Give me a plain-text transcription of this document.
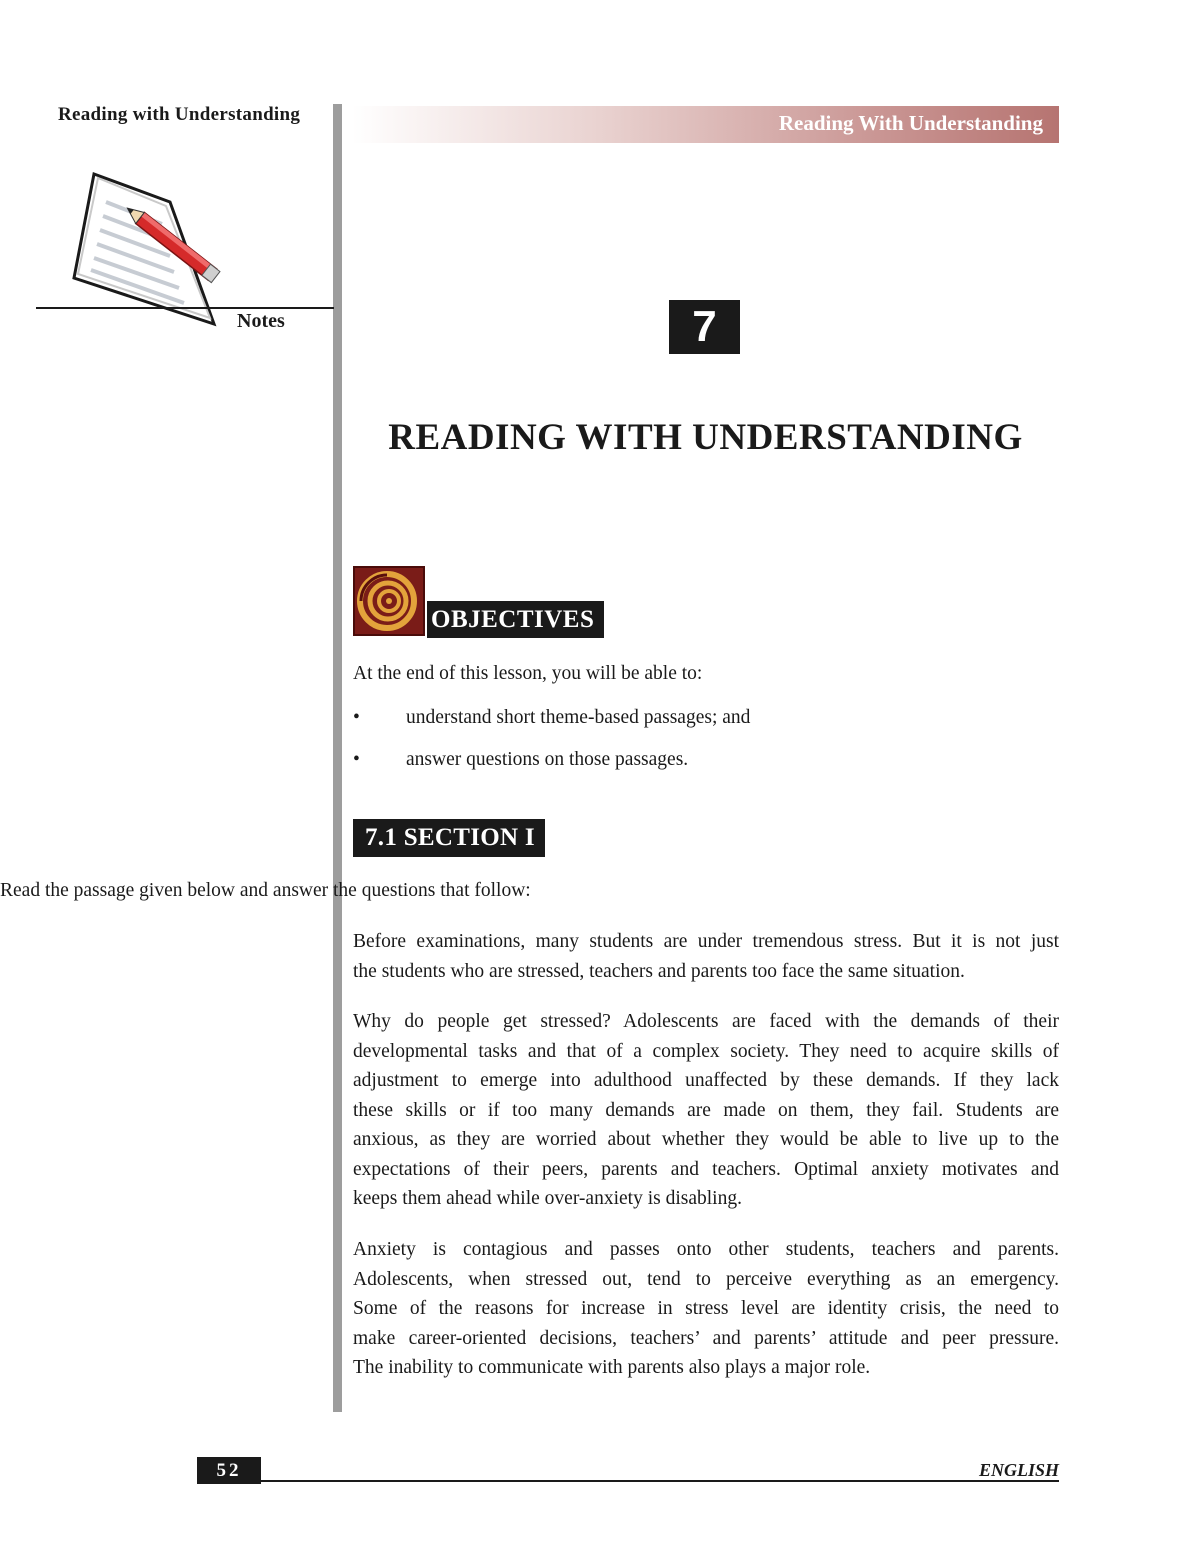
Reading with Understanding	Reading With Understanding
Notes	7
READING WITH UNDERSTANDING
OBJECTIVES
At the end of this lesson, you will be able to:
• understand short theme-based passages; and
• answer questions on those passages.
7.1 SECTION I
Read the passage given below and answer the questions that follow:
Before examinations, many students are under tremendous stress. But it is not just
the students who are stressed, teachers and parents too face the same situation.
Why do people get stressed? Adolescents are faced with the demands of their
developmental tasks and that of a complex society. They need to acquire skills of
adjustment to emerge into adulthood unaffected by these demands. If they lack
these skills or if too many demands are made on them, they fail. Students are
anxious, as they are worried about whether they would be able to live up to the
expectations of their peers, parents and teachers. Optimal anxiety motivates and
keeps them ahead while over-anxiety is disabling.
Anxiety is contagious and passes onto other students, teachers and parents.
Adolescents, when stressed out, tend to perceive everything as an emergency.
Some of the reasons for increase in stress level are identity crisis, the need to
make career-oriented decisions, teachers’ and parents’ attitude and peer pressure.
The inability to communicate with parents also plays a major role.
52	ENGLISH
